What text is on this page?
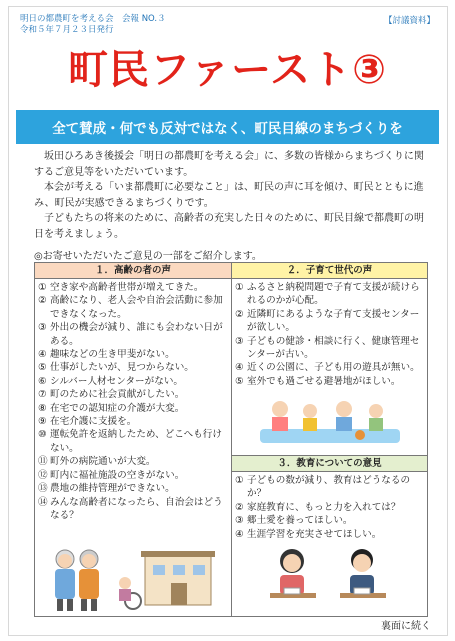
明日の都農町を考える会　会報 NO.３
令和５年７月２３日発行
【討議資料】
町民ファースト③
全て賛成・何でも反対ではなく、町民目線のまちづくりを

坂田ひろあき後援会「明日の都農町を考える会」に、多数の皆様からまちづくりに関するご意見等をいただいています。

本会が考える「いま都農町に必要なこと」は、町民の声に耳を傾け、町民とともに進み、町民が実感できるまちづくりです。

子どもたちの将来のために、高齢者の充実した日々のために、町民目線で都農町の明日を考えましょう。

◎お寄せいただいたご意見の一部をご紹介します。
１．高齢の者の声
① 空き家や高齢者世帯が増えてきた。
② 高齢になり、老人会や自治会活動に参加できなくなった。
③ 外出の機会が減り、誰にも会わない日がある。
④ 趣味などの生き甲斐がない。
⑤ 仕事がしたいが、見つからない。
⑥ シルバー人材センターがない。
⑦ 町のために社会貢献がしたい。
⑧ 在宅での認知症の介護が大変。
⑨ 在宅介護に支援を。
⑩ 運転免許を返納したため、どこへも行けない。
⑪ 町外の病院通いが大変。
⑫ 町内に福祉施設の空きがない。
⑬ 農地の維持管理ができない。
⑭ みんな高齢者になったら、自治会はどうなる？
２．子育て世代の声
① ふるさと納税問題で子育て支援が続けられるのかが心配。
② 近隣町にあるような子育て支援センターが欲しい。
③ 子どもの健診・相談に行く、健康管理センターが古い。
④ 近くの公園に、子ども用の遊具が無い。
⑤ 室外でも過ごせる避暑地がほしい。
３．教育についての意見
① 子どもの数が減り、教育はどうなるのか？
② 家庭教育に、もっと力を入れては？
③ 郷土愛を養ってほしい。
④ 生涯学習を充実させてほしい。
裏面に続く
